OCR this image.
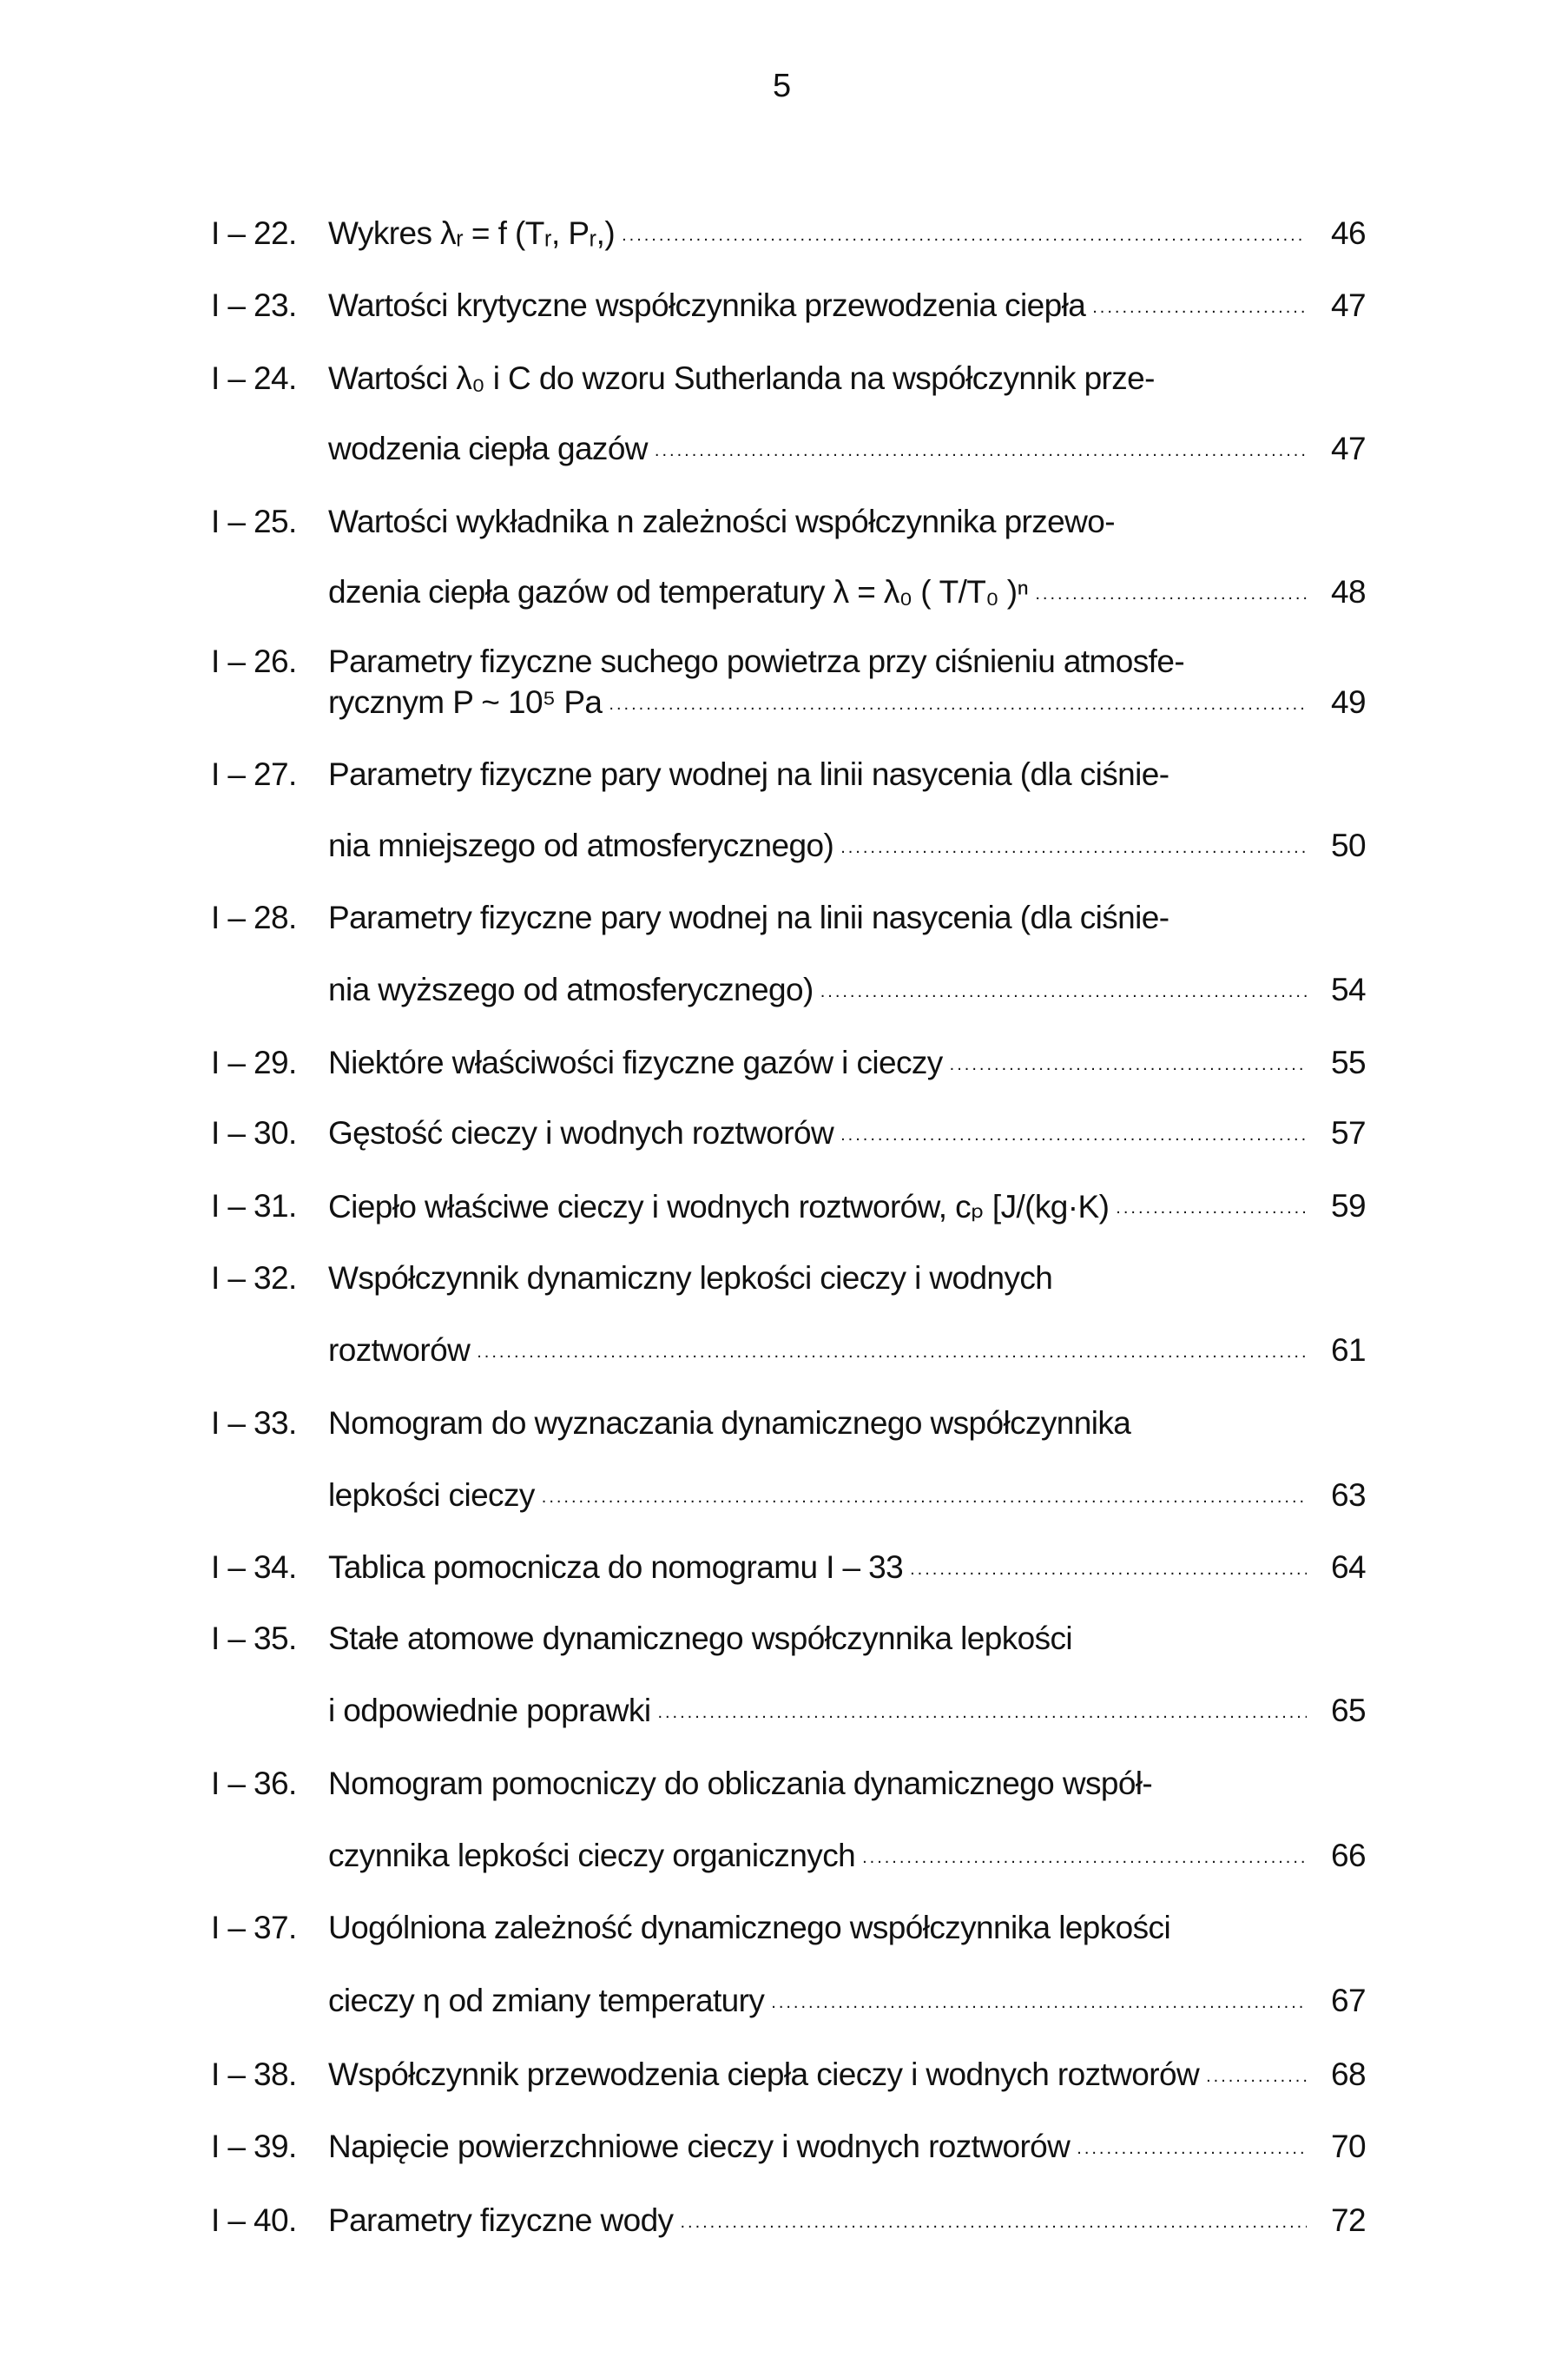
5
I – 22. Wykres λᵣ = f (Tᵣ, Pᵣ,) .....	46
I – 23. Wartości krytyczne współczynnika przewodzenia ciepła .....	47
I – 24. Wartości λ₀ i C do wzoru Sutherlanda na współczynnik prze-
wodzenia ciepła gazów .....	47
I – 25. Wartości wykładnika n zależności współczynnika przewo-
dzenia ciepła gazów od temperatury λ = λ₀ ( T/T₀ )ⁿ .....	48
I – 26. Parametry fizyczne suchego powietrza przy ciśnieniu atmosfe-
rycznym P ~ 10⁵ Pa .....	49
I – 27. Parametry fizyczne pary wodnej na linii nasycenia (dla ciśnie-
nia mniejszego od atmosferycznego) .....	50
I – 28. Parametry fizyczne pary wodnej na linii nasycenia (dla ciśnie-
nia wyższego od atmosferycznego) .....	54
I – 29. Niektóre właściwości fizyczne gazów i cieczy .....	55
I – 30. Gęstość cieczy i wodnych roztworów .....	57
I – 31. Ciepło właściwe cieczy i wodnych roztworów, cₚ [J/(kg·K) .....	59
I – 32. Współczynnik dynamiczny lepkości cieczy i wodnych
roztworów .....	61
I – 33. Nomogram do wyznaczania dynamicznego współczynnika
lepkości cieczy .....	63
I – 34. Tablica pomocnicza do nomogramu I – 33 .....	64
I – 35. Stałe atomowe dynamicznego współczynnika lepkości
i odpowiednie poprawki .....	65
I – 36. Nomogram pomocniczy do obliczania dynamicznego współ-
czynnika lepkości cieczy organicznych .....	66
I – 37. Uogólniona zależność dynamicznego współczynnika lepkości
cieczy η od zmiany temperatury .....	67
I – 38. Współczynnik przewodzenia ciepła cieczy i wodnych roztworów .....	68
I – 39. Napięcie powierzchniowe cieczy i wodnych roztworów .....	70
I – 40. Parametry fizyczne wody .....	72
